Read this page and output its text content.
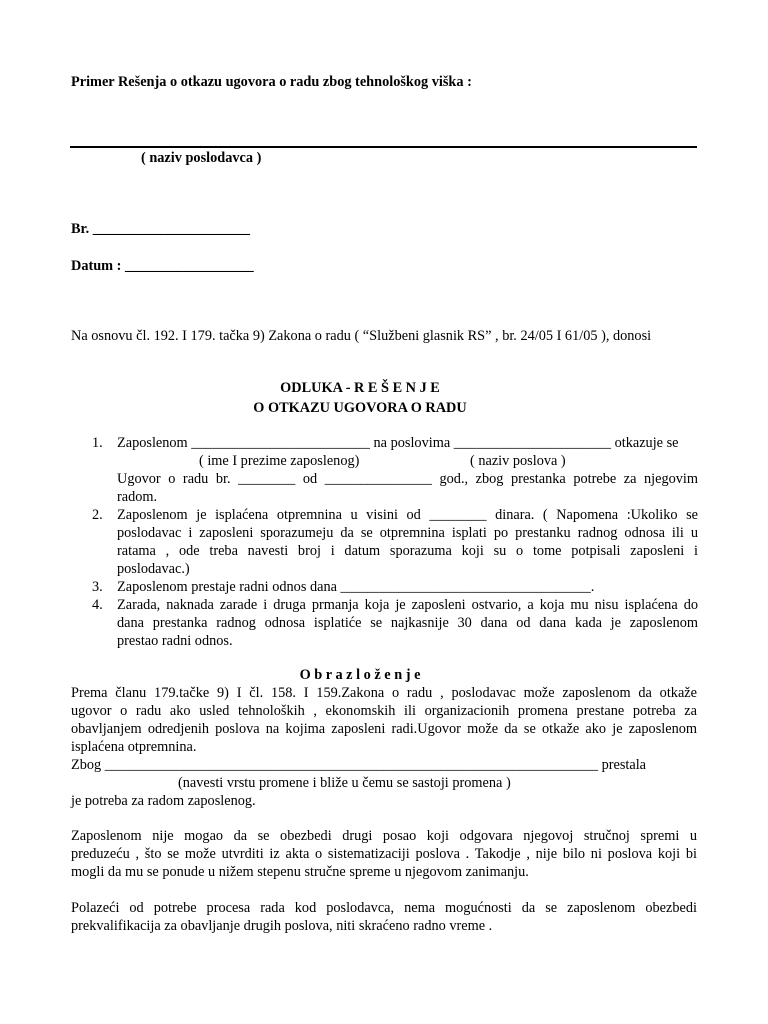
Primer Rešenja o otkazu ugovora o radu zbog tehnološkog viška :
( naziv poslodavca )
Br. ______________________
Datum : __________________
Na osnovu čl. 192. I 179. tačka 9) Zakona o radu ( “Službeni glasnik RS” , br. 24/05 I 61/05 ), donosi
ODLUKA - R E Š E N J E
O OTKAZU UGOVORA O RADU
1. Zaposlenom _________________________ na poslovima ______________________ otkazuje se
( ime I prezime zaposlenog)	( naziv poslova )
Ugovor o radu br. ________ od _______________ god., zbog prestanka potrebe za njegovim
radom.
2. Zaposlenom je isplaćena otpremnina u visini od ________ dinara. ( Napomena :Ukoliko se
poslodavac i zaposleni sporazumeju da se otpremnina isplati po prestanku radnog odnosa ili u
ratama , ode treba navesti broj i datum sporazuma koji su o tome potpisali zaposleni i
poslodavac.)
3. Zaposlenom prestaje radni odnos dana ___________________________________.
4. Zarada, naknada zarade i druga prmanja koja je zaposleni ostvario, a koja mu nisu isplaćena do
dana prestanka radnog odnosa isplatiće se najkasnije 30 dana od dana kada je zaposlenom
prestao radni odnos.
O b r a z l o ž e n j e
Prema članu 179.tačke 9) I čl. 158. I 159.Zakona o radu , poslodavac može zaposlenom da otkaže
ugovor o radu ako usled tehnoloških , ekonomskih ili organizacionih promena prestane potreba za
obavljanjem odredjenih poslova na kojima zaposleni radi.Ugovor može da se otkaže ako je zaposlenom
isplaćena otpremnina.
Zbog _____________________________________________________________________ prestala
(navesti vrstu promene i bliže u čemu se sastoji promena )
je potreba za radom zaposlenog.
Zaposlenom nije mogao da se obezbedi drugi posao koji odgovara njegovoj stručnoj spremi u
preduzeću , što se može utvrditi iz akta o sistematizaciji poslova . Takodje , nije bilo ni poslova koji bi
mogli da mu se ponude u nižem stepenu stručne spreme u njegovom zanimanju.
Polazeći od potrebe procesa rada kod poslodavca, nema mogućnosti da se zaposlenom obezbedi
prekvalifikacija za obavljanje drugih poslova, niti skraćeno radno vreme .
